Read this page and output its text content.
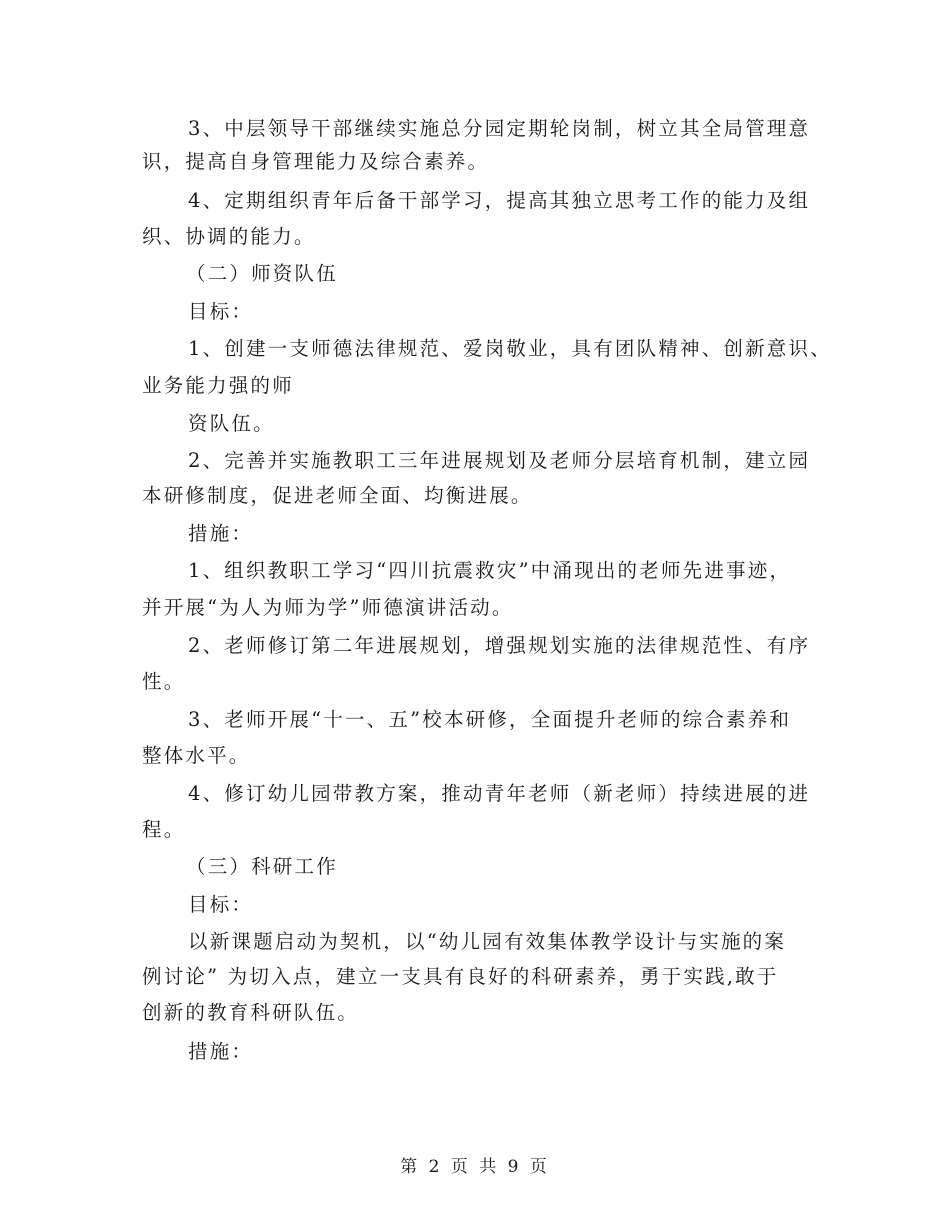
3、中层领导干部继续实施总分园定期轮岗制，树立其全局管理意
识，提高自身管理能力及综合素养。
4、定期组织青年后备干部学习，提高其独立思考工作的能力及组
织、协调的能力。
（二）师资队伍
目标：
1、创建一支师德法律规范、爱岗敬业，具有团队精神、创新意识、
业务能力强的师
资队伍。
2、完善并实施教职工三年进展规划及老师分层培育机制，建立园
本研修制度，促进老师全面、均衡进展。
措施：
1、组织教职工学习“四川抗震救灾”中涌现出的老师先进事迹，
并开展“为人为师为学”师德演讲活动。
2、老师修订第二年进展规划，增强规划实施的法律规范性、有序
性。
3、老师开展“十一、五”校本研修，全面提升老师的综合素养和
整体水平。
4、修订幼儿园带教方案，推动青年老师（新老师）持续进展的进
程。
（三）科研工作
目标：
以新课题启动为契机，以“幼儿园有效集体教学设计与实施的案
例讨论” 为切入点，建立一支具有良好的科研素养，勇于实践,敢于
创新的教育科研队伍。
措施：
第 2 页 共 9 页
